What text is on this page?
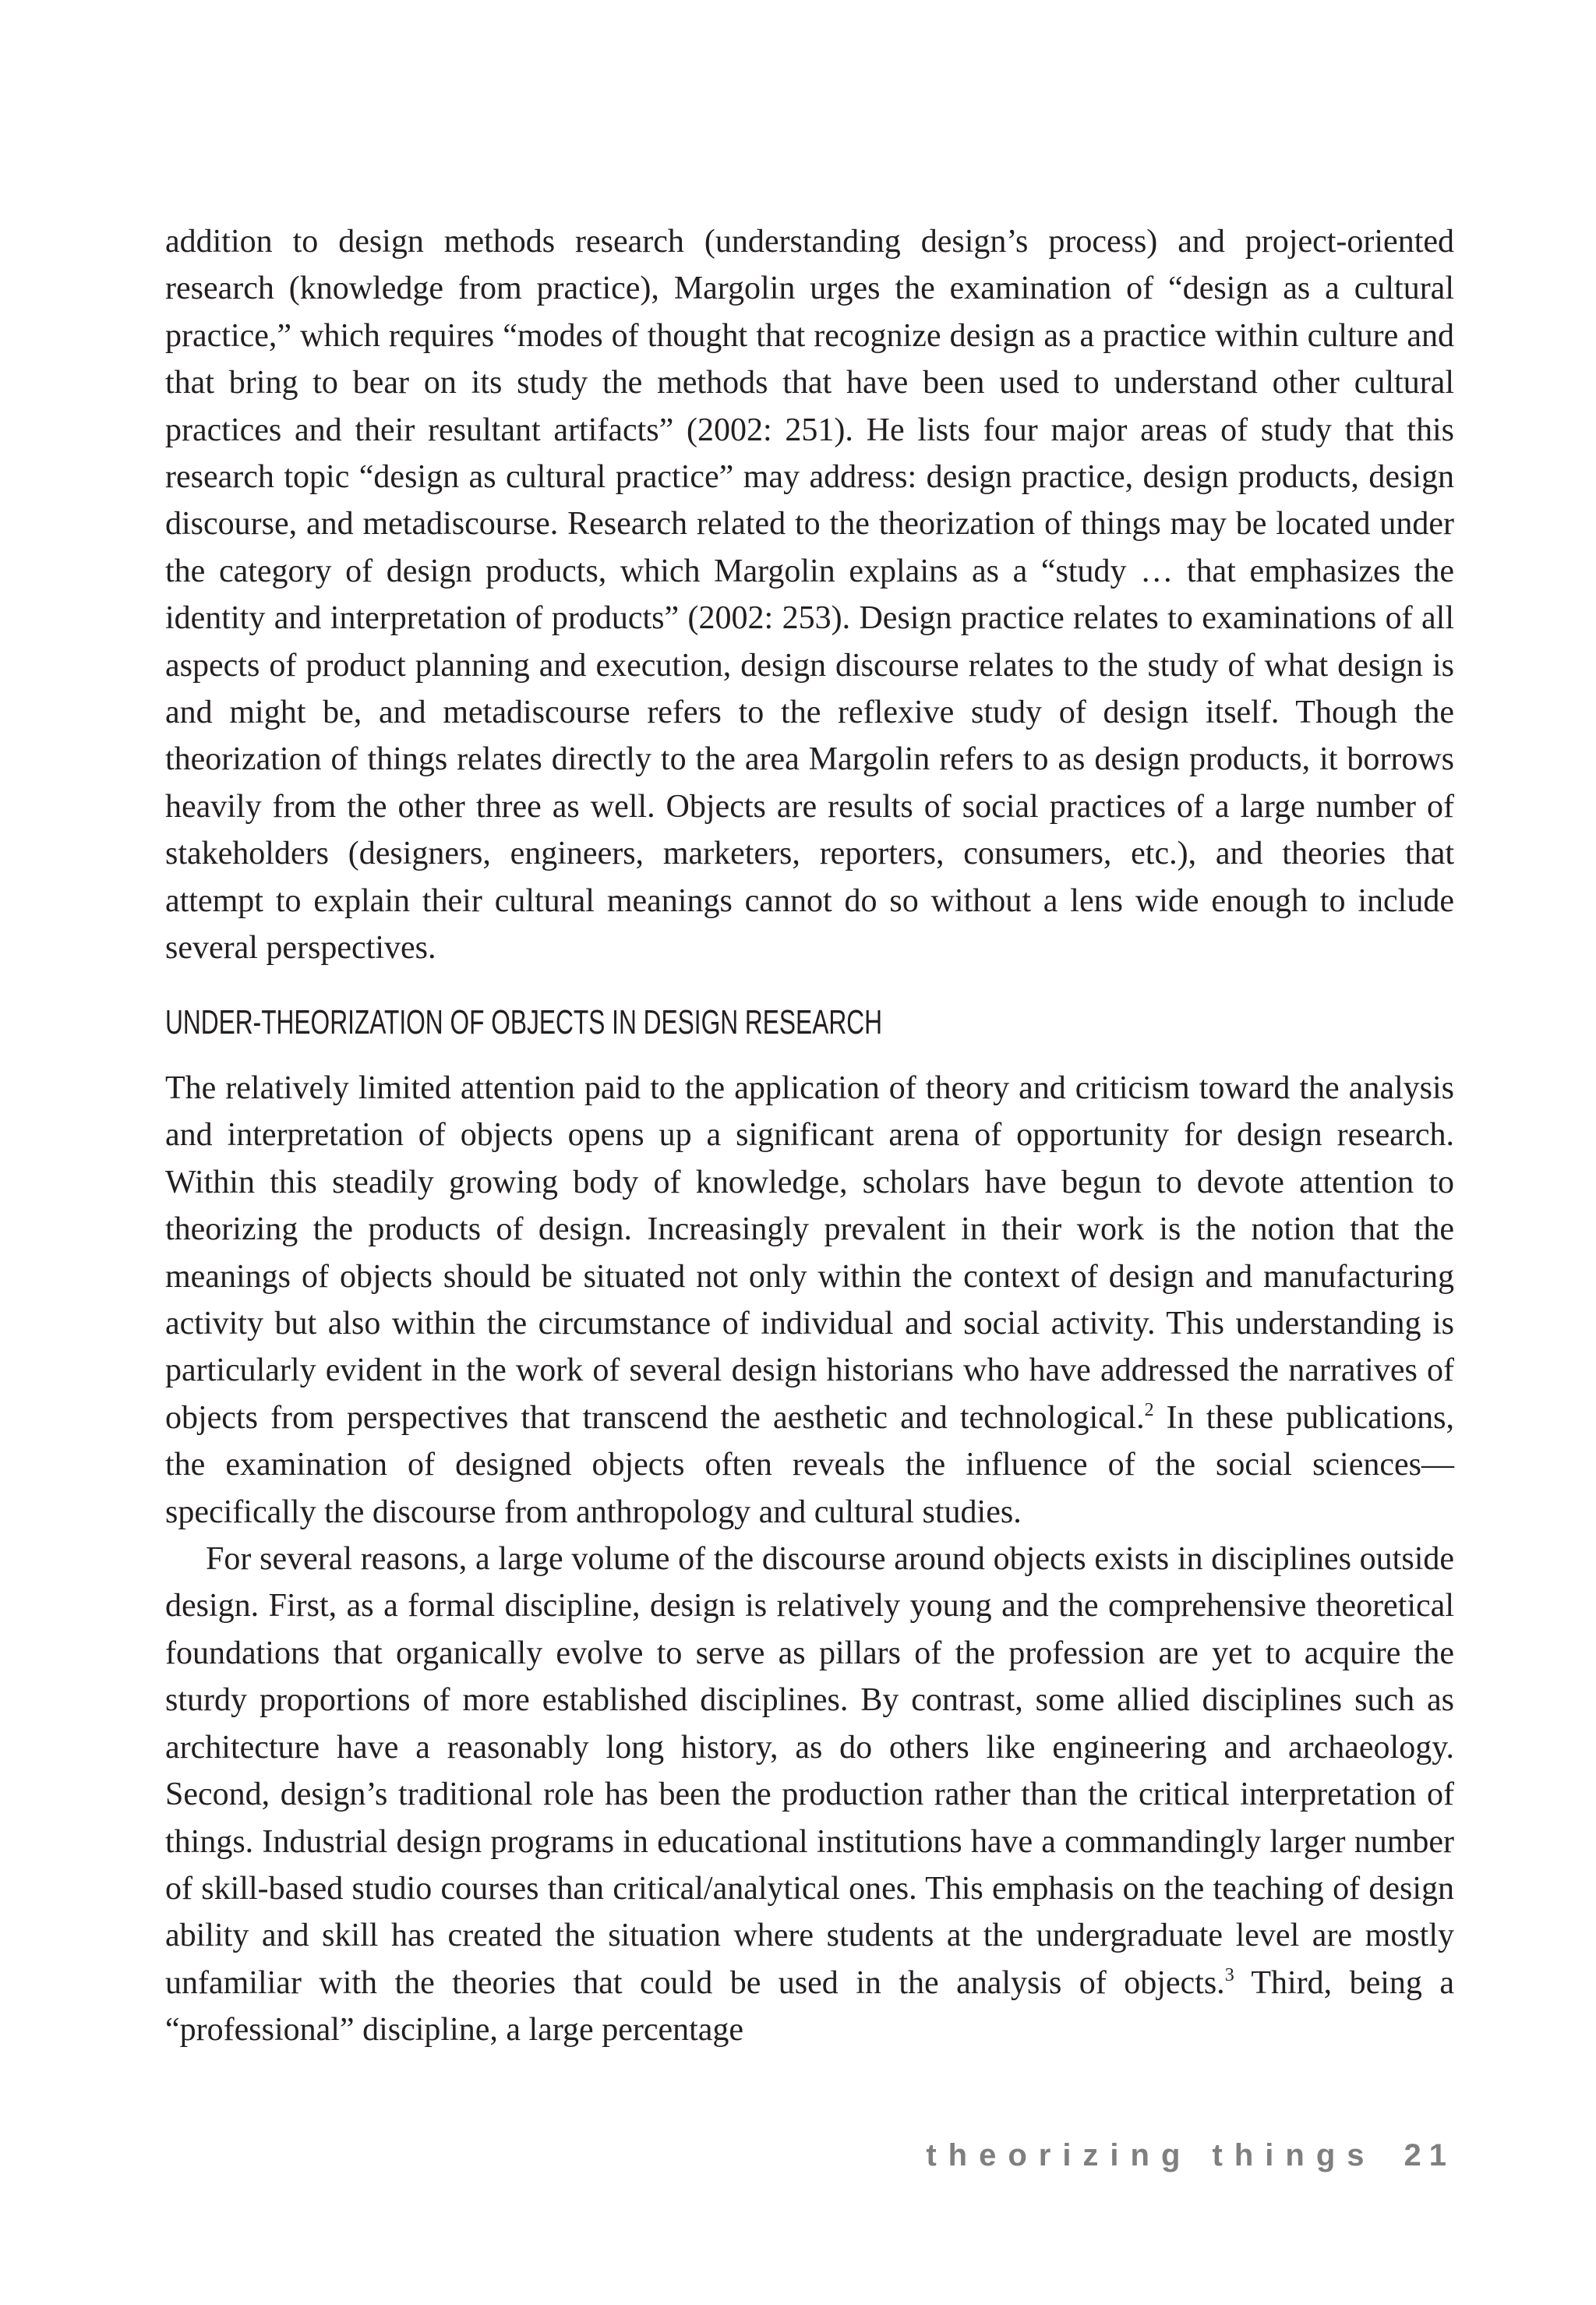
addition to design methods research (understanding design’s process) and project-oriented research (knowledge from practice), Margolin urges the examination of “design as a cultural practice,” which requires “modes of thought that recognize design as a practice within culture and that bring to bear on its study the methods that have been used to understand other cultural practices and their resultant artifacts” (2002: 251). He lists four major areas of study that this research topic “design as cultural practice” may address: design practice, design products, design discourse, and metadiscourse. Research related to the theorization of things may be located under the category of design products, which Margolin explains as a “study … that emphasizes the identity and interpretation of products” (2002: 253). Design practice relates to examinations of all aspects of product planning and execution, design discourse relates to the study of what design is and might be, and metadiscourse refers to the reflexive study of design itself. Though the theorization of things relates directly to the area Margolin refers to as design products, it borrows heavily from the other three as well. Objects are results of social practices of a large number of stakeholders (designers, engineers, marketers, reporters, consumers, etc.), and theories that attempt to explain their cultural meanings cannot do so without a lens wide enough to include several perspectives.

UNDER-THEORIZATION OF OBJECTS IN DESIGN RESEARCH

The relatively limited attention paid to the application of theory and criticism toward the analysis and interpretation of objects opens up a significant arena of opportunity for design research. Within this steadily growing body of knowledge, scholars have begun to devote attention to theorizing the products of design. Increasingly prevalent in their work is the notion that the meanings of objects should be situated not only within the context of design and manufacturing activity but also within the circumstance of individual and social activity. This understanding is particularly evident in the work of several design historians who have addressed the narratives of objects from perspectives that transcend the aesthetic and technological.$^2$ In these publications, the examination of designed objects often reveals the influence of the social sciences—specifically the discourse from anthropology and cultural studies.

For several reasons, a large volume of the discourse around objects exists in disciplines outside design. First, as a formal discipline, design is relatively young and the comprehensive theoretical foundations that organically evolve to serve as pillars of the profession are yet to acquire the sturdy proportions of more established disciplines. By contrast, some allied disciplines such as architecture have a reasonably long history, as do others like engineering and archaeology. Second, design’s traditional role has been the production rather than the critical interpretation of things. Industrial design programs in educational institutions have a commandingly larger number of skill-based studio courses than critical/analytical ones. This emphasis on the teaching of design ability and skill has created the situation where students at the undergraduate level are mostly unfamiliar with the theories that could be used in the analysis of objects.$^3$ Third, being a “professional” discipline, a large percentage

theorizing things 21
